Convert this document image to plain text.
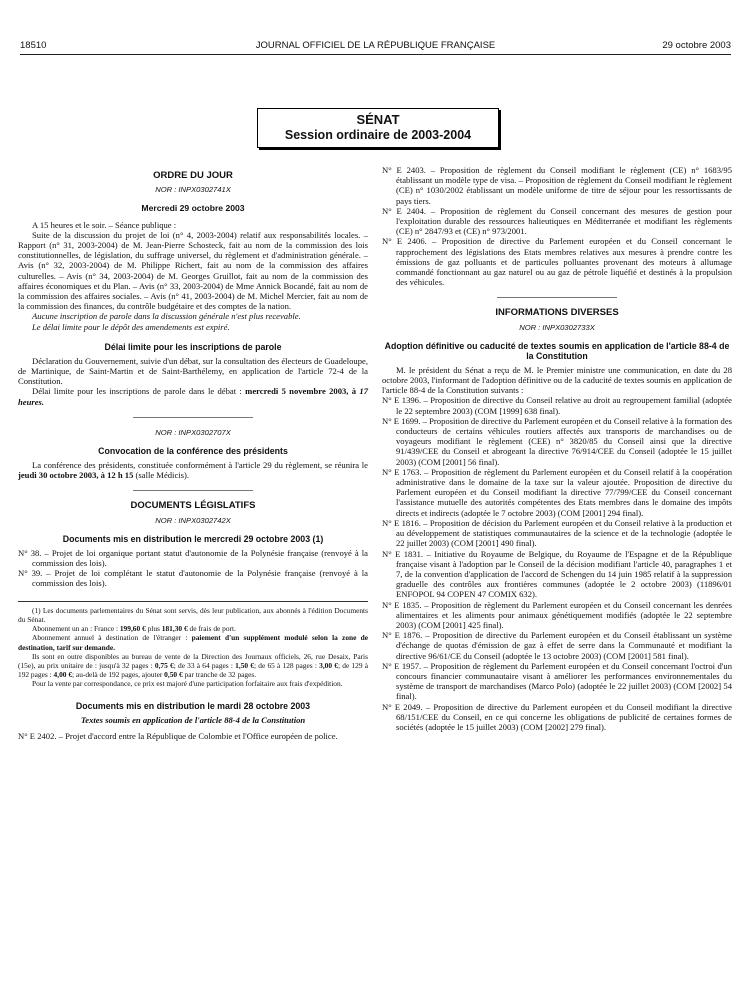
18510	JOURNAL OFFICIEL DE LA RÉPUBLIQUE FRANÇAISE	29 octobre 2003
SÉNAT
Session ordinaire de 2003-2004
ORDRE DU JOUR
NOR : INPX0302741X
Mercredi 29 octobre 2003

A 15 heures et le soir. – Séance publique :

Suite de la discussion du projet de loi (n° 4, 2003-2004) relatif aux responsabilités locales. – Rapport (n° 31, 2003-2004) de M. Jean-Pierre Schosteck, fait au nom de la commission des lois constitutionnelles, de législation, du suffrage universel, du règlement et d'administration générale. – Avis (n° 32, 2003-2004) de M. Philippe Richert, fait au nom de la commission des affaires culturelles. – Avis (n° 34, 2003-2004) de M. Georges Gruillot, fait au nom de la commission des affaires économiques et du Plan. – Avis (n° 33, 2003-2004) de Mme Annick Bocandé, fait au nom de la commission des affaires sociales. – Avis (n° 41, 2003-2004) de M. Michel Mercier, fait au nom de la commission des finances, du contrôle budgétaire et des comptes de la nation.

Aucune inscription de parole dans la discussion générale n'est plus recevable.

Le délai limite pour le dépôt des amendements est expiré.

Délai limite pour les inscriptions de parole

Déclaration du Gouvernement, suivie d'un débat, sur la consultation des électeurs de Guadeloupe, de Martinique, de Saint-Martin et de Saint-Barthélemy, en application de l'article 72-4 de la Constitution.

Délai limite pour les inscriptions de parole dans le débat : mercredi 5 novembre 2003, à 17 heures.

NOR : INPX0302707X
Convocation de la conférence des présidents

La conférence des présidents, constituée conformément à l'article 29 du règlement, se réunira le jeudi 30 octobre 2003, à 12 h 15 (salle Médicis).

DOCUMENTS LÉGISLATIFS
NOR : INPX0302742X
Documents mis en distribution le mercredi 29 octobre 2003 (1)

N° 38. – Projet de loi organique portant statut d'autonomie de la Polynésie française (renvoyé à la commission des lois).

N° 39. – Projet de loi complétant le statut d'autonomie de la Polynésie française (renvoyé à la commission des lois).

(1) Les documents parlementaires du Sénat sont servis, dès leur publication, aux abonnés à l'édition Documents du Sénat.

Abonnement un an : France : 199,60 € plus 181,30 € de frais de port.

Abonnement annuel à destination de l'étranger : paiement d'un supplément modulé selon la zone de destination, tarif sur demande.

Ils sont en outre disponibles au bureau de vente de la Direction des Journaux officiels, 26, rue Desaix, Paris (15e), au prix unitaire de : jusqu'à 32 pages : 0,75 €; de 33 à 64 pages : 1,50 €; de 65 à 128 pages : 3,00 €; de 129 à 192 pages : 4,00 €; au-delà de 192 pages, ajouter 0,50 € par tranche de 32 pages.

Pour la vente par correspondance, ce prix est majoré d'une participation forfaitaire aux frais d'expédition.

Documents mis en distribution le mardi 28 octobre 2003
Textes soumis en application de l'article 88-4 de la Constitution

N° E 2402. – Projet d'accord entre la République de Colombie et l'Office européen de police.

N° E 2403. – Proposition de règlement du Conseil modifiant le règlement (CE) n° 1683/95 établissant un modèle type de visa. – Proposition de règlement du Conseil modifiant le règlement (CE) n° 1030/2002 établissant un modèle uniforme de titre de séjour pour les ressortissants de pays tiers.

N° E 2404. – Proposition de règlement du Conseil concernant des mesures de gestion pour l'exploitation durable des ressources halieutiques en Méditerranée et modifiant les règlements (CE) n° 2847/93 et (CE) n° 973/2001.

N° E 2406. – Proposition de directive du Parlement européen et du Conseil concernant le rapprochement des législations des Etats membres relatives aux mesures à prendre contre les émissions de gaz polluants et de particules polluantes provenant des moteurs à allumage commandé fonctionnant au gaz naturel ou au gaz de pétrole liquéfié et destinés à la propulsion des véhicules.

INFORMATIONS DIVERSES
NOR : INPX0302733X
Adoption définitive ou caducité de textes soumis en application de l'article 88-4 de la Constitution

M. le président du Sénat a reçu de M. le Premier ministre une communication, en date du 28 octobre 2003, l'informant de l'adoption définitive ou de la caducité de textes soumis en application de l'article 88-4 de la Constitution suivants :

N° E 1396. – Proposition de directive du Conseil relative au droit au regroupement familial (adoptée le 22 septembre 2003) (COM [1999] 638 final).

N° E 1699. – Proposition de directive du Parlement européen et du Conseil relative à la formation des conducteurs de certains véhicules routiers affectés aux transports de marchandises ou de voyageurs modifiant le règlement (CEE) n° 3820/85 du Conseil ainsi que la directive 91/439/CEE du Conseil et abrogeant la directive 76/914/CEE du Conseil (adoptée le 15 juillet 2003) (COM [2001] 56 final).

N° E 1763. – Proposition de règlement du Parlement européen et du Conseil relatif à la coopération administrative dans le domaine de la taxe sur la valeur ajoutée. Proposition de directive du Parlement européen et du Conseil modifiant la directive 77/799/CEE du Conseil concernant l'assistance mutuelle des autorités compétentes des Etats membres dans le domaine des impôts directs et indirects (adoptée le 7 octobre 2003) (COM [2001] 294 final).

N° E 1816. – Proposition de décision du Parlement européen et du Conseil relative à la production et au développement de statistiques communautaires de la science et de la technologie (adoptée le 22 juillet 2003) (COM [2001] 490 final).

N° E 1831. – Initiative du Royaume de Belgique, du Royaume de l'Espagne et de la République française visant à l'adoption par le Conseil de la décision modifiant l'article 40, paragraphes 1 et 7, de la convention d'application de l'accord de Schengen du 14 juin 1985 relatif à la suppression graduelle des contrôles aux frontières communes (adoptée le 2 octobre 2003) (11896/01 ENFOPOL 94 COPEN 47 COMIX 632).

N° E 1835. – Proposition de règlement du Parlement européen et du Conseil concernant les denrées alimentaires et les aliments pour animaux génétiquement modifiés (adoptée le 22 septembre 2003) (COM [2001] 425 final).

N° E 1876. – Proposition de directive du Parlement européen et du Conseil établissant un système d'échange de quotas d'émission de gaz à effet de serre dans la Communauté et modifiant la directive 96/61/CE du Conseil (adoptée le 13 octobre 2003) (COM [2001] 581 final).

N° E 1957. – Proposition de règlement du Parlement européen et du Conseil concernant l'octroi d'un concours financier communautaire visant à améliorer les performances environnementales du système de transport de marchandises (Marco Polo) (adoptée le 22 juillet 2003) (COM [2002] 54 final).

N° E 2049. – Proposition de directive du Parlement européen et du Conseil modifiant la directive 68/151/CEE du Conseil, en ce qui concerne les obligations de publicité de certaines formes de sociétés (adoptée le 15 juillet 2003) (COM [2002] 279 final).
